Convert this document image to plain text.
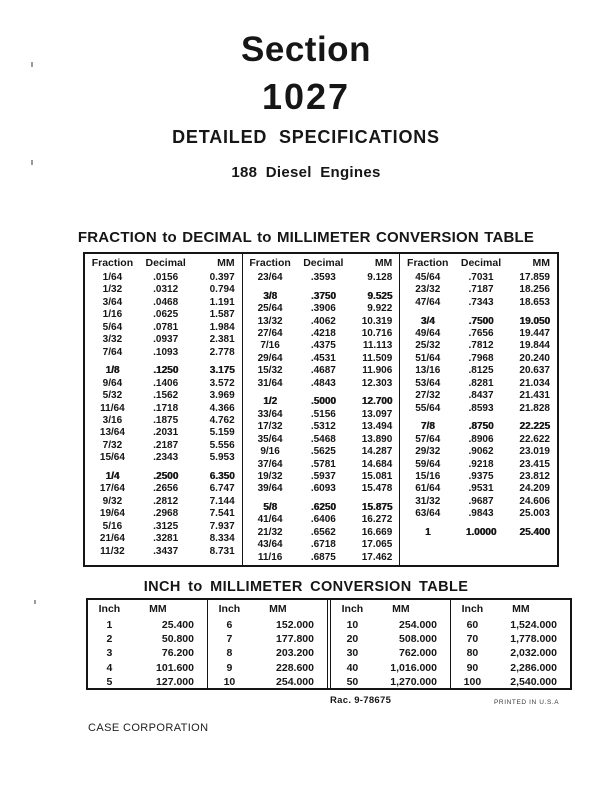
Section
1027
DETAILED SPECIFICATIONS
188 Diesel Engines
FRACTION to DECIMAL to MILLIMETER CONVERSION TABLE
Fraction	Decimal	MM
1/64	.0156	0.397
1/32	.0312	0.794
3/64	.0468	1.191
1/16	.0625	1.587
5/64	.0781	1.984
3/32	.0937	2.381
7/64	.1093	2.778
1/8	.1250	3.175
9/64	.1406	3.572
5/32	.1562	3.969
11/64	.1718	4.366
3/16	.1875	4.762
13/64	.2031	5.159
7/32	.2187	5.556
15/64	.2343	5.953
1/4	.2500	6.350
17/64	.2656	6.747
9/32	.2812	7.144
19/64	.2968	7.541
5/16	.3125	7.937
21/64	.3281	8.334
11/32	.3437	8.731
Fraction	Decimal	MM
23/64	.3593	9.128
3/8	.3750	9.525
25/64	.3906	9.922
13/32	.4062	10.319
27/64	.4218	10.716
7/16	.4375	11.113
29/64	.4531	11.509
15/32	.4687	11.906
31/64	.4843	12.303
1/2	.5000	12.700
33/64	.5156	13.097
17/32	.5312	13.494
35/64	.5468	13.890
9/16	.5625	14.287
37/64	.5781	14.684
19/32	.5937	15.081
39/64	.6093	15.478
5/8	.6250	15.875
41/64	.6406	16.272
21/32	.6562	16.669
43/64	.6718	17.065
11/16	.6875	17.462
Fraction	Decimal	MM
45/64	.7031	17.859
23/32	.7187	18.256
47/64	.7343	18.653
3/4	.7500	19.050
49/64	.7656	19.447
25/32	.7812	19.844
51/64	.7968	20.240
13/16	.8125	20.637
53/64	.8281	21.034
27/32	.8437	21.431
55/64	.8593	21.828
7/8	.8750	22.225
57/64	.8906	22.622
29/32	.9062	23.019
59/64	.9218	23.415
15/16	.9375	23.812
61/64	.9531	24.209
31/32	.9687	24.606
63/64	.9843	25.003
1	1.0000	25.400
INCH to MILLIMETER CONVERSION TABLE
Inch	MM
1	25.400
2	50.800
3	76.200
4	101.600
5	127.000
Inch	MM
6	152.000
7	177.800
8	203.200
9	228.600
10	254.000
Inch	MM
10	254.000
20	508.000
30	762.000
40	1,016.000
50	1,270.000
Inch	MM
60	1,524.000
70	1,778.000
80	2,032.000
90	2,286.000
100	2,540.000
Rac. 9-78675	PRINTED IN U.S.A
CASE CORPORATION
